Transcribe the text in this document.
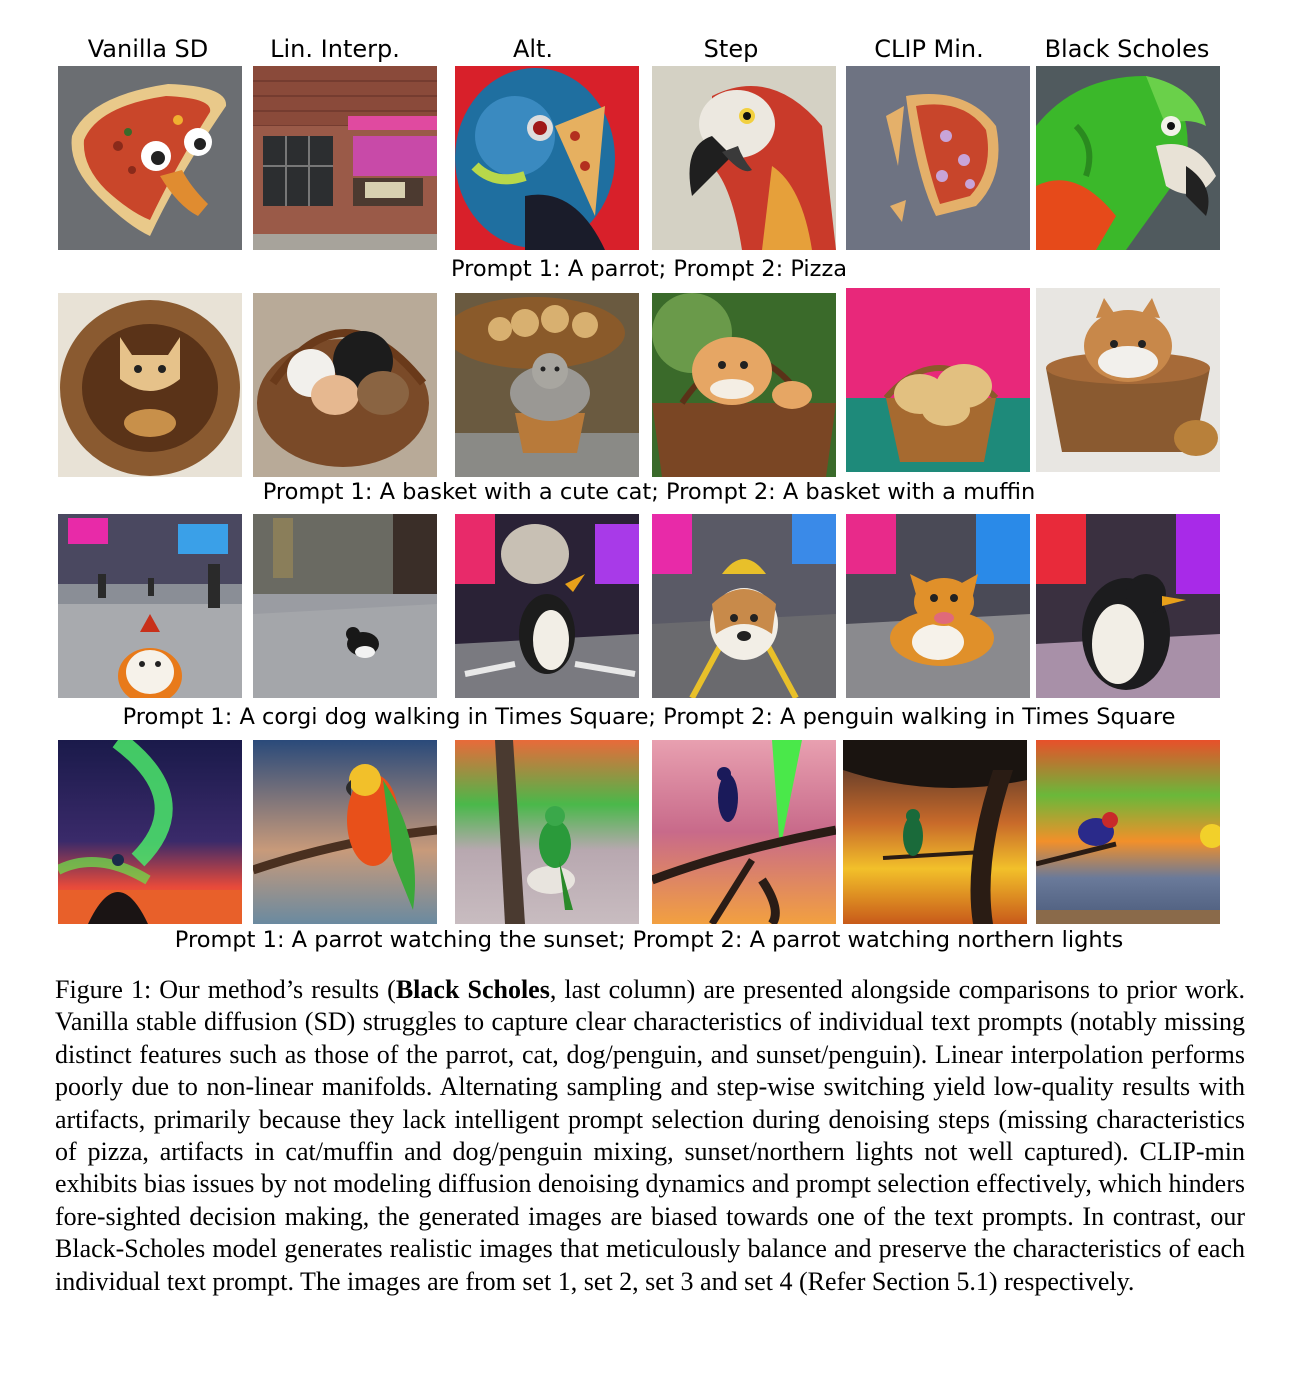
Vanilla SD	Lin. Interp.	Alt.	Step	CLIP Min.	Black Scholes
Prompt 1: A parrot; Prompt 2: Pizza
Prompt 1: A basket with a cute cat; Prompt 2: A basket with a muffin
Prompt 1: A corgi dog walking in Times Square; Prompt 2: A penguin walking in Times Square
Prompt 1: A parrot watching the sunset; Prompt 2: A parrot watching northern lights
Figure 1: Our method’s results (Black Scholes, last column) are presented alongside comparisons to prior work. Vanilla stable diffusion (SD) struggles to capture clear characteristics of individual text prompts (notably missing distinct features such as those of the parrot, cat, dog/penguin, and sunset/penguin). Linear interpolation performs poorly due to non-linear manifolds. Alternating sampling and step-wise switching yield low-quality results with artifacts, primarily because they lack intelligent prompt selection during denoising steps (missing characteristics of pizza, artifacts in cat/muffin and dog/penguin mixing, sunset/northern lights not well captured). CLIP-min exhibits bias issues by not modeling diffusion denoising dynamics and prompt selection effectively, which hinders fore-sighted decision making, the generated images are biased towards one of the text prompts. In contrast, our Black-Scholes model generates realistic images that meticulously balance and preserve the characteristics of each individual text prompt. The images are from set 1, set 2, set 3 and set 4 (Refer Section 5.1) respectively.
